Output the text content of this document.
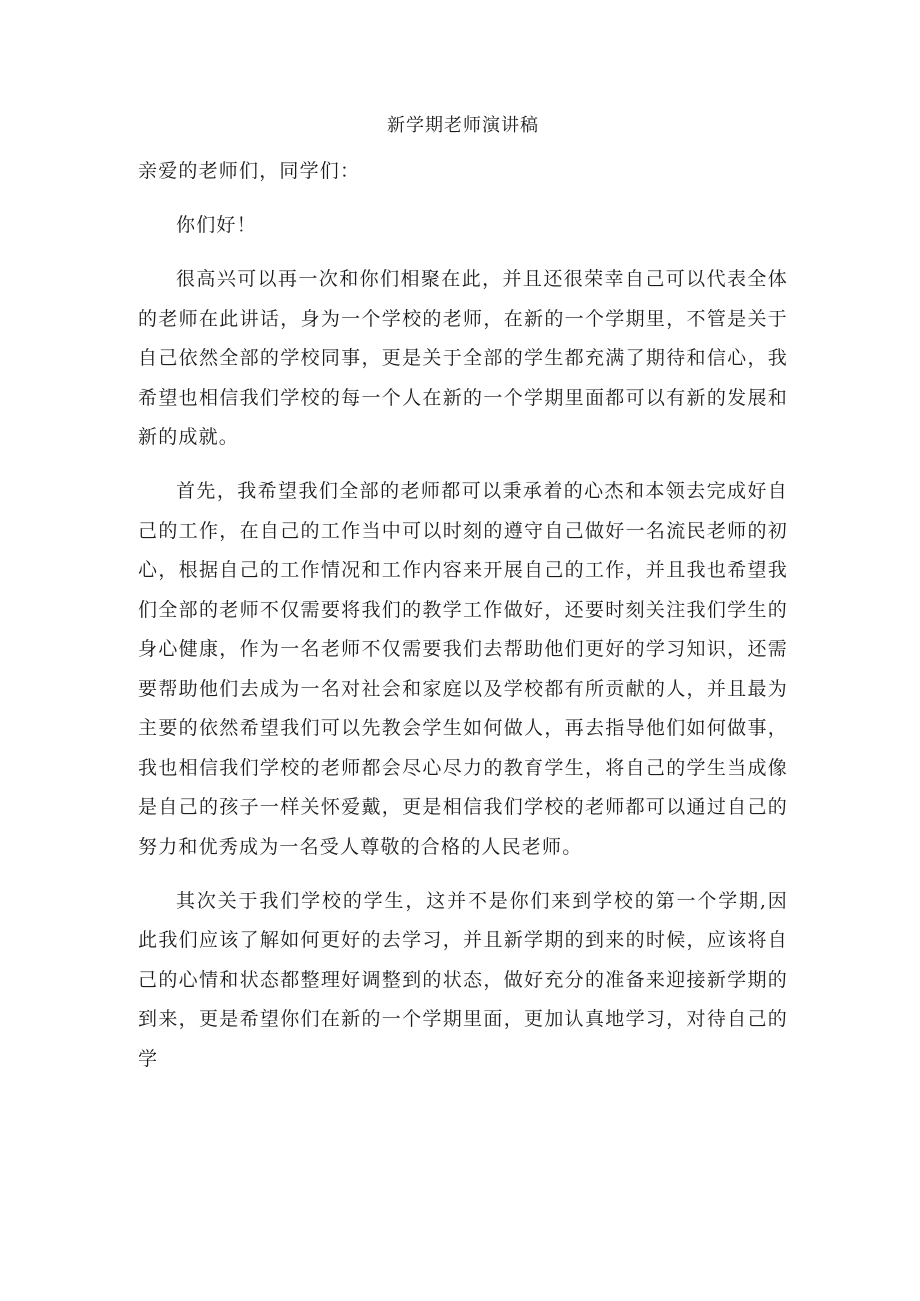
新学期老师演讲稿

亲爱的老师们，同学们：

你们好！

很高兴可以再一次和你们相聚在此，并且还很荣幸自己可以代表全体的老师在此讲话，身为一个学校的老师，在新的一个学期里，不管是关于自己依然全部的学校同事，更是关于全部的学生都充满了期待和信心，我希望也相信我们学校的每一个人在新的一个学期里面都可以有新的发展和新的成就。

首先，我希望我们全部的老师都可以秉承着的心杰和本领去完成好自己的工作，在自己的工作当中可以时刻的遵守自己做好一名流民老师的初心，根据自己的工作情况和工作内容来开展自己的工作，并且我也希望我们全部的老师不仅需要将我们的教学工作做好，还要时刻关注我们学生的身心健康，作为一名老师不仅需要我们去帮助他们更好的学习知识，还需要帮助他们去成为一名对社会和家庭以及学校都有所贡献的人，并且最为主要的依然希望我们可以先教会学生如何做人，再去指导他们如何做事，我也相信我们学校的老师都会尽心尽力的教育学生，将自己的学生当成像是自己的孩子一样关怀爱戴，更是相信我们学校的老师都可以通过自己的努力和优秀成为一名受人尊敬的合格的人民老师。

其次关于我们学校的学生，这并不是你们来到学校的第一个学期,因此我们应该了解如何更好的去学习，并且新学期的到来的时候，应该将自己的心情和状态都整理好调整到的状态，做好充分的准备来迎接新学期的到来，更是希望你们在新的一个学期里面，更加认真地学习，对待自己的学
